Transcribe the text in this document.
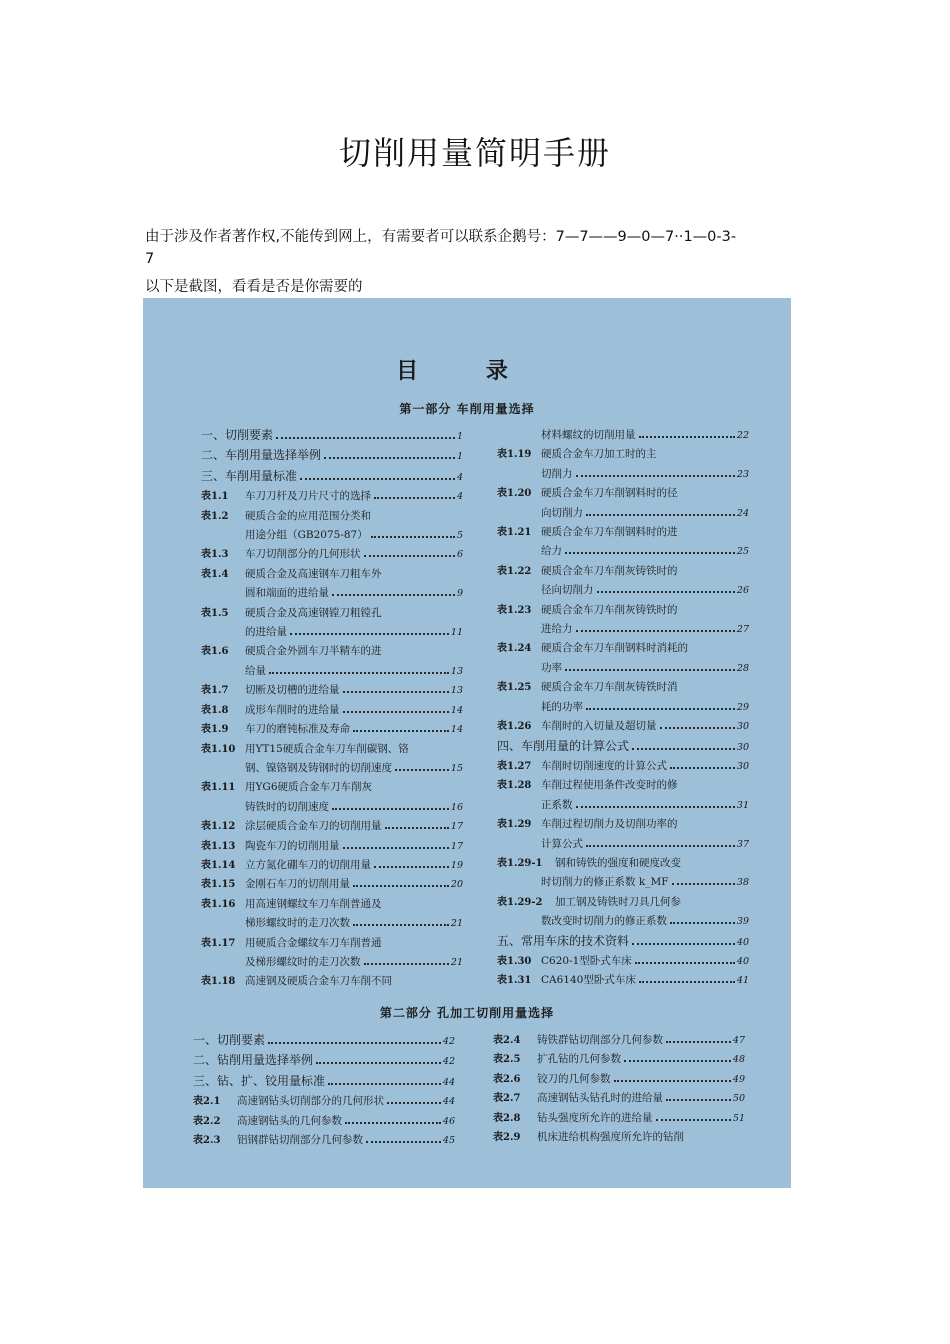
切削用量简明手册
由于涉及作者著作权,不能传到网上，有需要者可以联系企鹅号：7—7——9—0—7··1—0-3-
7
以下是截图，看看是否是你需要的
目 录
第一部分 车削用量选择
一、切削要素	1
二、车削用量选择举例	1
三、车削用量标准	4
表1.1	车刀刀杆及刀片尺寸的选择	4
表1.2	硬质合金的应用范围分类和
用途分组（GB2075-87）	5
表1.3	车刀切削部分的几何形状	6
表1.4	硬质合金及高速钢车刀粗车外
圆和端面的进给量	9
表1.5	硬质合金及高速钢镗刀粗镗孔
的进给量	11
表1.6	硬质合金外圆车刀半精车的进
给量	13
表1.7	切断及切槽的进给量	13
表1.8	成形车削时的进给量	14
表1.9	车刀的磨钝标准及寿命	14
表1.10 用YT15硬质合金车刀车削碳钢、铬
钢、镍铬钢及铸钢时的切削速度	15
表1.11 用YG6硬质合金车刀车削灰
铸铁时的切削速度	16
表1.12 涂层硬质合金车刀的切削用量	17
表1.13 陶瓷车刀的切削用量	17
表1.14 立方氮化硼车刀的切削用量	19
表1.15 金刚石车刀的切削用量	20
表1.16 用高速钢螺纹车刀车削普通及
梯形螺纹时的走刀次数	21
表1.17 用硬质合金螺纹车刀车削普通
及梯形螺纹时的走刀次数	21
表1.18 高速钢及硬质合金车刀车削不同
材料螺纹的切削用量	22
表1.19 硬质合金车刀加工时的主
切削力	23
表1.20 硬质合金车刀车削钢料时的径
向切削力	24
表1.21 硬质合金车刀车削钢料时的进
给力	25
表1.22 硬质合金车刀车削灰铸铁时的
径向切削力	26
表1.23 硬质合金车刀车削灰铸铁时的
进给力	27
表1.24 硬质合金车刀车削钢料时消耗的
功率	28
表1.25 硬质合金车刀车削灰铸铁时消
耗的功率	29
表1.26 车削时的入切量及超切量	30
四、车削用量的计算公式	30
表1.27 车削时切削速度的计算公式	30
表1.28 车削过程使用条件改变时的修
正系数	31
表1.29 车削过程切削力及切削功率的
计算公式	37
表1.29-1	钢和铸铁的强度和硬度改变
时切削力的修正系数 k_MF	38
表1.29-2	加工钢及铸铁时刀具几何参
数改变时切削力的修正系数	39
五、常用车床的技术资料	40
表1.30 C620-1型卧式车床	40
表1.31 CA6140型卧式车床	41
第二部分 孔加工切削用量选择
一、切削要素	42
二、钻削用量选择举例	42
三、钻、扩、铰用量标准	44
表2.1	高速钢钻头切削部分的几何形状	44
表2.2	高速钢钻头的几何参数	46
表2.3	铝钢群钻切削部分几何参数	45
表2.4	铸铁群钻切削部分几何参数	47
表2.5	扩孔钻的几何参数	48
表2.6	铰刀的几何参数	49
表2.7	高速钢钻头钻孔时的进给量	50
表2.8	钻头强度所允许的进给量	51
表2.9	机床进给机构强度所允许的钻削
